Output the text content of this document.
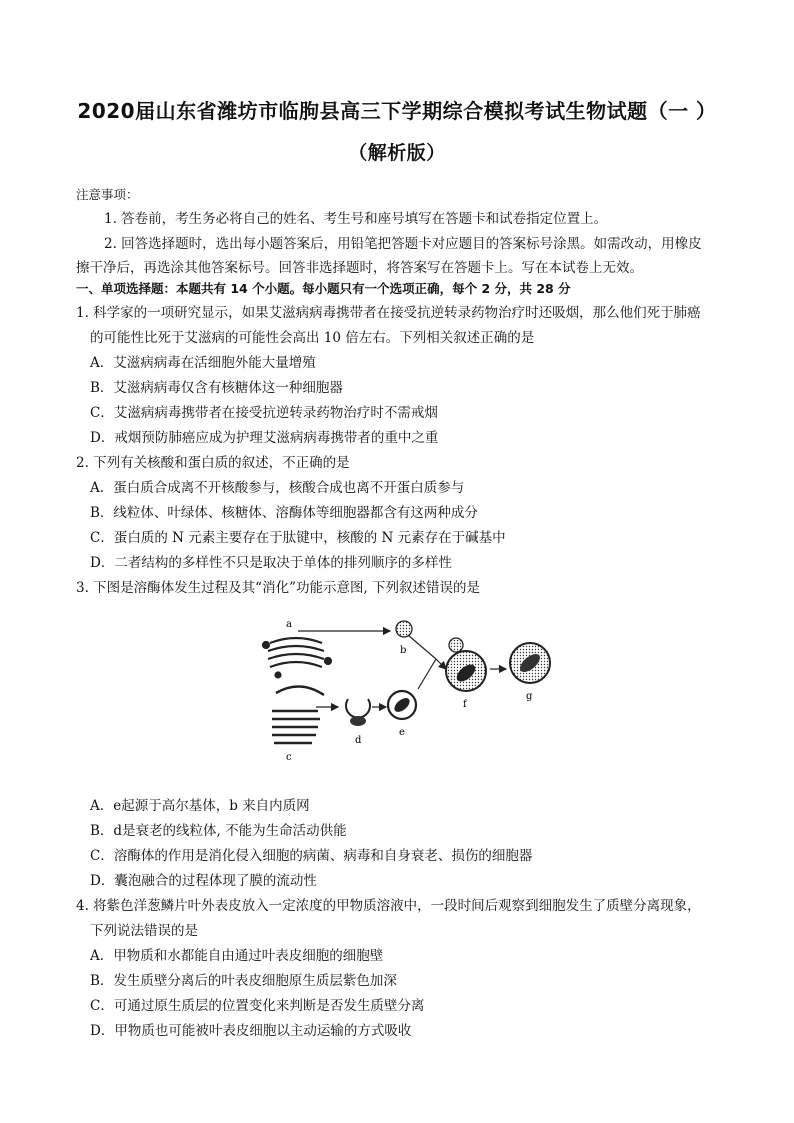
2020届山东省潍坊市临朐县高三下学期综合模拟考试生物试题（一 ）
（解析版）
注意事项：
1. 答卷前，考生务必将自己的姓名、考生号和座号填写在答题卡和试卷指定位置上。
2. 回答选择题时，选出每小题答案后，用铅笔把答题卡对应题目的答案标号涂黑。如需改动，用橡皮
擦干净后，再选涂其他答案标号。回答非选择题时，将答案写在答题卡上。写在本试卷上无效。
一、单项选择题：本题共有 14 个小题。每小题只有一个选项正确，每个 2 分，共 28 分
1. 科学家的一项研究显示，如果艾滋病病毒携带者在接受抗逆转录药物治疗时还吸烟，那么他们死于肺癌
的可能性比死于艾滋病的可能性会高出 10 倍左右。下列相关叙述正确的是
A．艾滋病病毒在活细胞外能大量增殖
B．艾滋病病毒仅含有核糖体这一种细胞器
C．艾滋病病毒携带者在接受抗逆转录药物治疗时不需戒烟
D．戒烟预防肺癌应成为护理艾滋病病毒携带者的重中之重
2. 下列有关核酸和蛋白质的叙述，不正确的是
A．蛋白质合成离不开核酸参与，核酸合成也离不开蛋白质参与
B．线粒体、叶绿体、核糖体、溶酶体等细胞器都含有这两种成分
C．蛋白质的 N 元素主要存在于肽键中，核酸的 N 元素存在于碱基中
D．二者结构的多样性不只是取决于单体的排列顺序的多样性
3. 下图是溶酶体发生过程及其“消化”功能示意图, 下列叙述错误的是
a
b
c
d
e
f
g
A．e起源于高尔基体，b 来自内质网
B．d是衰老的线粒体, 不能为生命活动供能
C．溶酶体的作用是消化侵入细胞的病菌、病毒和自身衰老、损伤的细胞器
D．囊泡融合的过程体现了膜的流动性
4. 将紫色洋葱鳞片叶外表皮放入一定浓度的甲物质溶液中，一段时间后观察到细胞发生了质壁分离现象，
下列说法错误的是
A．甲物质和水都能自由通过叶表皮细胞的细胞壁
B．发生质壁分离后的叶表皮细胞原生质层紫色加深
C．可通过原生质层的位置变化来判断是否发生质壁分离
D．甲物质也可能被叶表皮细胞以主动运输的方式吸收
